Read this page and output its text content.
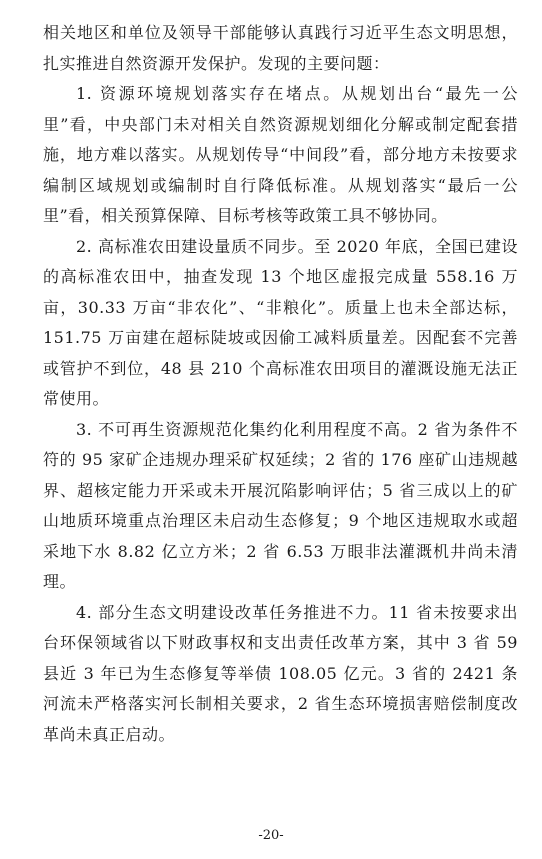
相关地区和单位及领导干部能够认真践行习近平生态文明思想，扎实推进自然资源开发保护。发现的主要问题：

1. 资源环境规划落实存在堵点。从规划出台“最先一公里”看，中央部门未对相关自然资源规划细化分解或制定配套措施，地方难以落实。从规划传导“中间段”看，部分地方未按要求编制区域规划或编制时自行降低标准。从规划落实“最后一公里”看，相关预算保障、目标考核等政策工具不够协同。

2. 高标准农田建设量质不同步。至 2020 年底，全国已建设的高标准农田中，抽查发现 13 个地区虚报完成量 558.16 万亩，30.33 万亩“非农化”、“非粮化”。质量上也未全部达标，151.75 万亩建在超标陡坡或因偷工减料质量差。因配套不完善或管护不到位，48 县 210 个高标准农田项目的灌溉设施无法正常使用。

3. 不可再生资源规范化集约化利用程度不高。2 省为条件不符的 95 家矿企违规办理采矿权延续；2 省的 176 座矿山违规越界、超核定能力开采或未开展沉陷影响评估；5 省三成以上的矿山地质环境重点治理区未启动生态修复；9 个地区违规取水或超采地下水 8.82 亿立方米；2 省 6.53 万眼非法灌溉机井尚未清理。

4. 部分生态文明建设改革任务推进不力。11 省未按要求出台环保领域省以下财政事权和支出责任改革方案，其中 3 省 59 县近 3 年已为生态修复等举债 108.05 亿元。3 省的 2421 条河流未严格落实河长制相关要求，2 省生态环境损害赔偿制度改革尚未真正启动。

-20-
